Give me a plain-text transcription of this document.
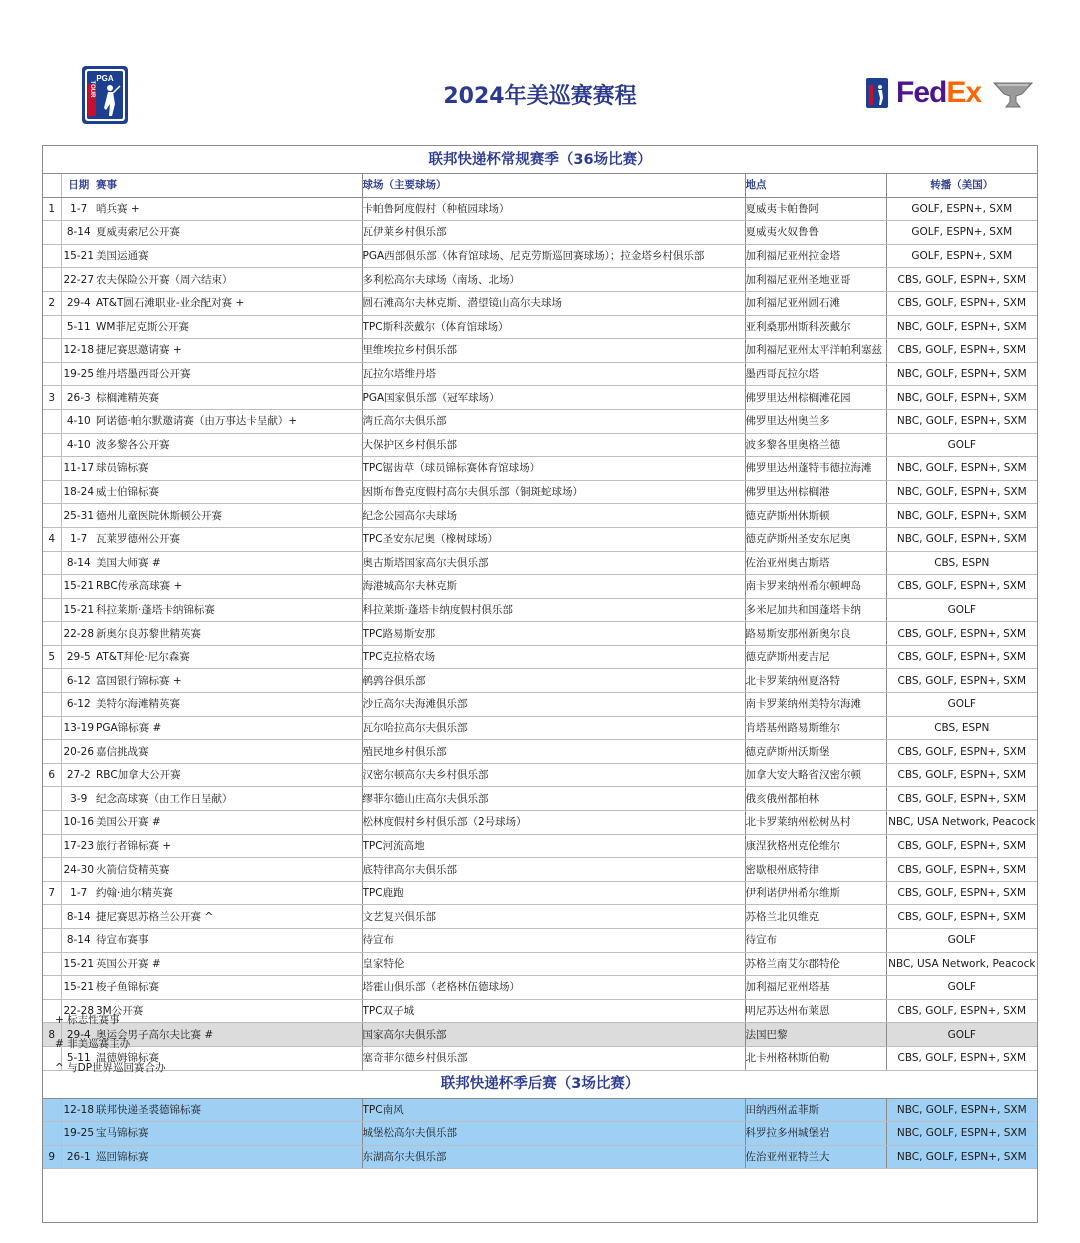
PGA
TOUR	2024年美巡赛赛程	FedEx
联邦快递杯常规赛季（36场比赛）					
	日期	赛事	球场（主要球场）	地点	转播（美国）
1	1-7	哨兵赛 +	卡帕鲁阿度假村（种植园球场）	夏威夷卡帕鲁阿	GOLF, ESPN+, SXM
	8-14	夏威夷索尼公开赛	瓦伊莱乡村俱乐部	夏威夷火奴鲁鲁	GOLF, ESPN+, SXM
	15-21	美国运通赛	PGA西部俱乐部（体育馆球场、尼克劳斯巡回赛球场）；拉金塔乡村俱乐部	加利福尼亚州拉金塔	GOLF, ESPN+, SXM
	22-27	农夫保险公开赛（周六结束）	多利松高尔夫球场（南场、北场）	加利福尼亚州圣地亚哥	CBS, GOLF, ESPN+, SXM
2	29-4	AT&T圆石滩职业-业余配对赛 +	圆石滩高尔夫林克斯、潜望镜山高尔夫球场	加利福尼亚州圆石滩	CBS, GOLF, ESPN+, SXM
	5-11	WM菲尼克斯公开赛	TPC斯科茨戴尔（体育馆球场）	亚利桑那州斯科茨戴尔	NBC, GOLF, ESPN+, SXM
	12-18	捷尼赛思邀请赛 +	里维埃拉乡村俱乐部	加利福尼亚州太平洋帕利塞兹	CBS, GOLF, ESPN+, SXM
	19-25	维丹塔墨西哥公开赛	瓦拉尔塔维丹塔	墨西哥瓦拉尔塔	NBC, GOLF, ESPN+, SXM
3	26-3	棕榈滩精英赛	PGA国家俱乐部（冠军球场）	佛罗里达州棕榈滩花园	NBC, GOLF, ESPN+, SXM
	4-10	阿诺德·帕尔默邀请赛（由万事达卡呈献）+	湾丘高尔夫俱乐部	佛罗里达州奥兰多	NBC, GOLF, ESPN+, SXM
	4-10	波多黎各公开赛	大保护区乡村俱乐部	波多黎各里奥格兰德	GOLF
	11-17	球员锦标赛	TPC锯齿草（球员锦标赛体育馆球场）	佛罗里达州蓬特韦德拉海滩	NBC, GOLF, ESPN+, SXM
	18-24	威士伯锦标赛	因斯布鲁克度假村高尔夫俱乐部（铜斑蛇球场）	佛罗里达州棕榈港	NBC, GOLF, ESPN+, SXM
	25-31	德州儿童医院休斯顿公开赛	纪念公园高尔夫球场	德克萨斯州休斯顿	NBC, GOLF, ESPN+, SXM
4	1-7	瓦莱罗德州公开赛	TPC圣安东尼奥（橡树球场）	德克萨斯州圣安东尼奥	NBC, GOLF, ESPN+, SXM
	8-14	美国大师赛 #	奥古斯塔国家高尔夫俱乐部	佐治亚州奥古斯塔	CBS, ESPN
	15-21	RBC传承高球赛 +	海港城高尔夫林克斯	南卡罗来纳州希尔顿岬岛	CBS, GOLF, ESPN+, SXM
	15-21	科拉莱斯·蓬塔卡纳锦标赛	科拉莱斯·蓬塔卡纳度假村俱乐部	多米尼加共和国蓬塔卡纳	GOLF
	22-28	新奥尔良苏黎世精英赛	TPC路易斯安那	路易斯安那州新奥尔良	CBS, GOLF, ESPN+, SXM
5	29-5	AT&T拜伦·尼尔森赛	TPC克拉格农场	德克萨斯州麦吉尼	CBS, GOLF, ESPN+, SXM
	6-12	富国银行锦标赛 +	鹌鹑谷俱乐部	北卡罗莱纳州夏洛特	CBS, GOLF, ESPN+, SXM
	6-12	美特尔海滩精英赛	沙丘高尔夫海滩俱乐部	南卡罗莱纳州美特尔海滩	GOLF
	13-19	PGA锦标赛 #	瓦尔哈拉高尔夫俱乐部	肯塔基州路易斯维尔	CBS, ESPN
	20-26	嘉信挑战赛	殖民地乡村俱乐部	德克萨斯州沃斯堡	CBS, GOLF, ESPN+, SXM
6	27-2	RBC加拿大公开赛	汉密尔顿高尔夫乡村俱乐部	加拿大安大略省汉密尔顿	CBS, GOLF, ESPN+, SXM
	3-9	纪念高球赛（由工作日呈献）	缪菲尔德山庄高尔夫俱乐部	俄亥俄州都柏林	CBS, GOLF, ESPN+, SXM
	10-16	美国公开赛 #	松林度假村乡村俱乐部（2号球场）	北卡罗莱纳州松树丛村	NBC, USA Network, Peacock
	17-23	旅行者锦标赛 +	TPC河流高地	康涅狄格州克伦维尔	CBS, GOLF, ESPN+, SXM
	24-30	火箭信贷精英赛	底特律高尔夫俱乐部	密歇根州底特律	CBS, GOLF, ESPN+, SXM
7	1-7	约翰·迪尔精英赛	TPC鹿跑	伊利诺伊州希尔维斯	CBS, GOLF, ESPN+, SXM
	8-14	捷尼赛思苏格兰公开赛 ^	文艺复兴俱乐部	苏格兰北贝维克	CBS, GOLF, ESPN+, SXM
	8-14	待宣布赛事	待宣布	待宣布	GOLF
	15-21	英国公开赛 #	皇家特伦	苏格兰南艾尔郡特伦	NBC, USA Network, Peacock
	15-21	梭子鱼锦标赛	塔霍山俱乐部（老格林伍德球场）	加利福尼亚州塔基	GOLF
	22-28	3M公开赛	TPC双子城	明尼苏达州布莱恩	CBS, GOLF, ESPN+, SXM
8	29-4	奥运会男子高尔夫比赛 #	国家高尔夫俱乐部	法国巴黎	GOLF
	5-11	温德姆锦标赛	塞奇菲尔德乡村俱乐部	北卡州格林斯伯勒	CBS, GOLF, ESPN+, SXM
联邦快递杯季后赛（3场比赛）					
	12-18	联邦快递圣裘德锦标赛	TPC南风	田纳西州孟菲斯	NBC, GOLF, ESPN+, SXM
	19-25	宝马锦标赛	城堡松高尔夫俱乐部	科罗拉多州城堡岩	NBC, GOLF, ESPN+, SXM
9	26-1	巡回锦标赛	东湖高尔夫俱乐部	佐治亚州亚特兰大	NBC, GOLF, ESPN+, SXM
+ 标志性赛事
# 非美巡赛主办
^ 与DP世界巡回赛合办
